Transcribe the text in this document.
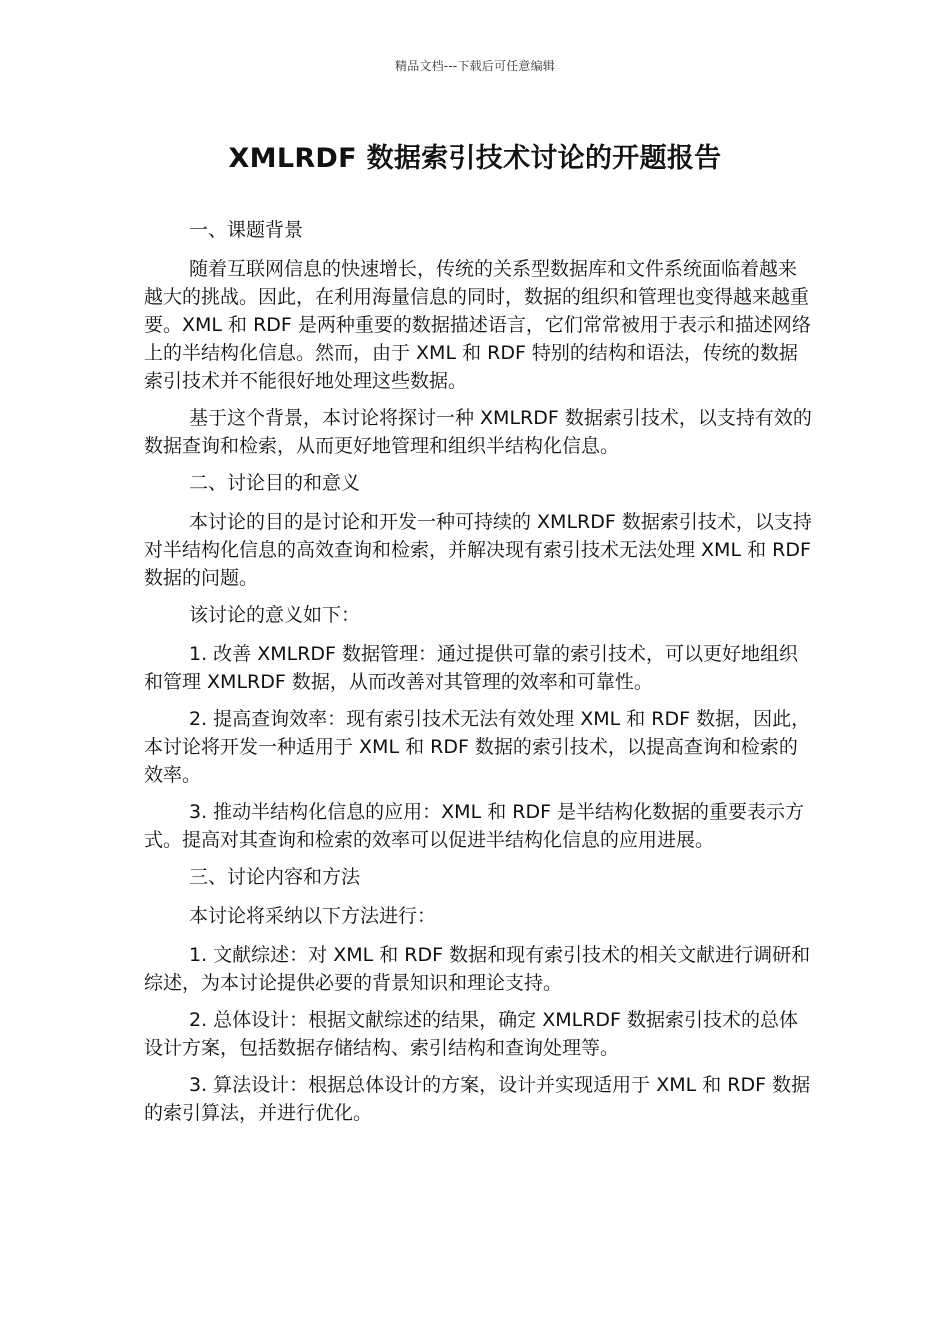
精品文档---下载后可任意编辑
XMLRDF 数据索引技术讨论的开题报告

一、课题背景

随着互联网信息的快速增长，传统的关系型数据库和文件系统面临着越来越大的挑战。因此，在利用海量信息的同时，数据的组织和管理也变得越来越重要。XML 和 RDF 是两种重要的数据描述语言，它们常常被用于表示和描述网络上的半结构化信息。然而，由于 XML 和 RDF 特别的结构和语法，传统的数据索引技术并不能很好地处理这些数据。

基于这个背景，本讨论将探讨一种 XMLRDF 数据索引技术，以支持有效的数据查询和检索，从而更好地管理和组织半结构化信息。

二、讨论目的和意义

本讨论的目的是讨论和开发一种可持续的 XMLRDF 数据索引技术，以支持对半结构化信息的高效查询和检索，并解决现有索引技术无法处理 XML 和 RDF 数据的问题。

该讨论的意义如下：

1. 改善 XMLRDF 数据管理：通过提供可靠的索引技术，可以更好地组织和管理 XMLRDF 数据，从而改善对其管理的效率和可靠性。

2. 提高查询效率：现有索引技术无法有效处理 XML 和 RDF 数据，因此，本讨论将开发一种适用于 XML 和 RDF 数据的索引技术，以提高查询和检索的效率。

3. 推动半结构化信息的应用：XML 和 RDF 是半结构化数据的重要表示方式。提高对其查询和检索的效率可以促进半结构化信息的应用进展。

三、讨论内容和方法

本讨论将采纳以下方法进行：

1. 文献综述：对 XML 和 RDF 数据和现有索引技术的相关文献进行调研和综述，为本讨论提供必要的背景知识和理论支持。

2. 总体设计：根据文献综述的结果，确定 XMLRDF 数据索引技术的总体设计方案，包括数据存储结构、索引结构和查询处理等。

3. 算法设计：根据总体设计的方案，设计并实现适用于 XML 和 RDF 数据的索引算法，并进行优化。
